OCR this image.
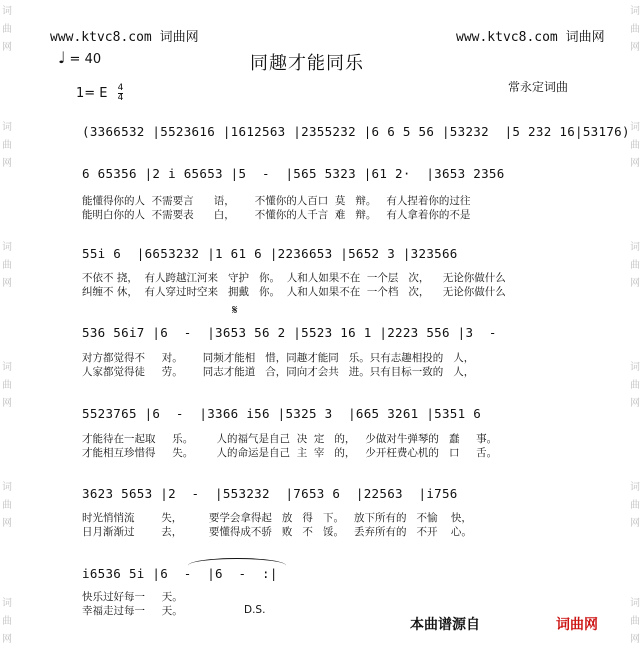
词
曲
网
词
曲
网
词
曲
网
词
曲
网
词
曲
网
词
曲
网
词
曲
网
词
曲
网
词
曲
网
词
曲
网
词
曲
网
词
曲
网
www.ktvc8.com 词曲网	www.ktvc8.com 词曲网
♩ = 40	同趣才能同乐
常永定词曲
1= E $\frac{4}{4}$
(3366532 |5523616 |1612563 |2355232 |6 6 5 56 |53232  |5 232 16|53176)
6 65356 |2 i 65653 |5  -  |565 5323 |61 2·  |3653 2356
能懂得你的人  不需要言      语，      不懂你的人百口  莫   辩。   有人捏着你的过往
能明白你的人  不需要表      白，      不懂你的人千言  难   辩。   有人拿着你的不是
55i 6  |6653232 |1 61 6 |2236653 |5652 3 |323566
不依不 挠，  有人跨越江河来   守护   你。  人和人如果不在  一个层   次，    无论你做什么
纠缠不 休，  有人穿过时空来   拥戴   你。  人和人如果不在  一个档   次，    无论你做什么
𝄋
536 56i7 |6  -  |3653 56 2 |5523 16 1 |2223 556 |3  -
对方都觉得不     对。      同频才能相   惜，同趣才能同   乐。只有志趣相投的   人，
人家都觉得徒     劳。      同志才能道   合，同向才会共   进。只有目标一致的   人，
5523765 |6  -  |3366 i56 |5325 3  |665 3261 |5351 6
才能待在一起取     乐。       人的福气是自己  决  定   的，   少做对牛弹琴的   蠢     事。
才能相互珍惜得     失。       人的命运是自己  主  宰   的，   少开枉费心机的   口     舌。
3623 5653 |2  -  |553232  |7653 6  |22563  |i756
时光悄悄流        失，        要学会拿得起   放   得   下。   放下所有的   不愉    快，
日月渐渐过        去，        要懂得成不骄   败   不   馁。   丢弃所有的   不开    心。
i6536 5i |6  -  |6  -  :|
快乐过好每一     天。
幸福走过每一     天。	D.S.
本曲谱源自	词曲网
